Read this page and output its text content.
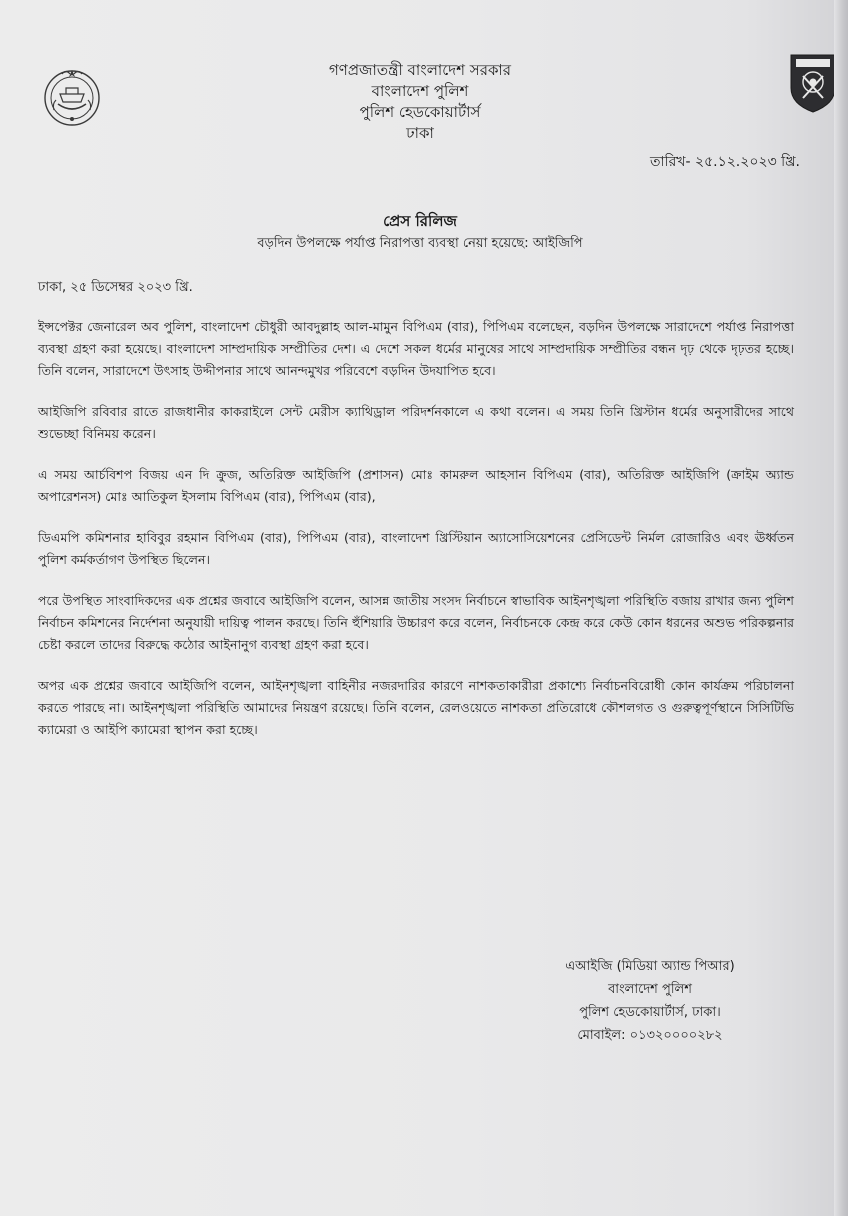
গণপ্রজাতন্ত্রী বাংলাদেশ সরকার
বাংলাদেশ পুলিশ
পুলিশ হেডকোয়ার্টার্স
ঢাকা
তারিখ- ২৫.১২.২০২৩ খ্রি.
প্রেস রিলিজ
বড়দিন উপলক্ষে পর্যাপ্ত নিরাপত্তা ব্যবস্থা নেয়া হয়েছে: আইজিপি
ঢাকা, ২৫ ডিসেম্বর ২০২৩ খ্রি.

ইন্সপেক্টর জেনারেল অব পুলিশ, বাংলাদেশ চৌধুরী আবদুল্লাহ আল-মামুন বিপিএম (বার), পিপিএম বলেছেন, বড়দিন উপলক্ষে সারাদেশে পর্যাপ্ত নিরাপত্তা ব্যবস্থা গ্রহণ করা হয়েছে। বাংলাদেশ সাম্প্রদায়িক সম্প্রীতির দেশ। এ দেশে সকল ধর্মের মানুষের সাথে সাম্প্রদায়িক সম্প্রীতির বন্ধন দৃঢ় থেকে দৃঢ়তর হচ্ছে। তিনি বলেন, সারাদেশে উৎসাহ উদ্দীপনার সাথে আনন্দমুখর পরিবেশে বড়দিন উদযাপিত হবে।

আইজিপি রবিবার রাতে রাজধানীর কাকরাইলে সেন্ট মেরীস ক্যাথিড্রাল পরিদর্শনকালে এ কথা বলেন। এ সময় তিনি খ্রিস্টান ধর্মের অনুসারীদের সাথে শুভেচ্ছা বিনিময় করেন।

এ সময় আর্চবিশপ বিজয় এন দি ক্রুজ, অতিরিক্ত আইজিপি (প্রশাসন) মোঃ কামরুল আহসান বিপিএম (বার), অতিরিক্ত আইজিপি (ক্রাইম অ্যান্ড অপারেশনস) মোঃ আতিকুল ইসলাম বিপিএম (বার), পিপিএম (বার),

ডিএমপি কমিশনার হাবিবুর রহমান বিপিএম (বার), পিপিএম (বার), বাংলাদেশ খ্রিস্টিয়ান অ্যাসোসিয়েশনের প্রেসিডেন্ট নির্মল রোজারিও এবং ঊর্ধ্বতন পুলিশ কর্মকর্তাগণ উপস্থিত ছিলেন।

পরে উপস্থিত সাংবাদিকদের এক প্রশ্নের জবাবে আইজিপি বলেন, আসন্ন জাতীয় সংসদ নির্বাচনে স্বাভাবিক আইনশৃঙ্খলা পরিস্থিতি বজায় রাখার জন্য পুলিশ নির্বাচন কমিশনের নির্দেশনা অনুযায়ী দায়িত্ব পালন করছে। তিনি হুঁশিয়ারি উচ্চারণ করে বলেন, নির্বাচনকে কেন্দ্র করে কেউ কোন ধরনের অশুভ পরিকল্পনার চেষ্টা করলে তাদের বিরুদ্ধে কঠোর আইনানুগ ব্যবস্থা গ্রহণ করা হবে।

অপর এক প্রশ্নের জবাবে আইজিপি বলেন, আইনশৃঙ্খলা বাহিনীর নজরদারির কারণে নাশকতাকারীরা প্রকাশ্যে নির্বাচনবিরোধী কোন কার্যক্রম পরিচালনা করতে পারছে না। আইনশৃঙ্খলা পরিস্থিতি আমাদের নিয়ন্ত্রণ রয়েছে। তিনি বলেন, রেলওয়েতে নাশকতা প্রতিরোধে কৌশলগত ও গুরুত্বপূর্ণস্থানে সিসিটিভি ক্যামেরা ও আইপি ক্যামেরা স্থাপন করা হচ্ছে।

এআইজি (মিডিয়া অ্যান্ড পিআর)
বাংলাদেশ পুলিশ
পুলিশ হেডকোয়ার্টার্স, ঢাকা।
মোবাইল: ০১৩২০০০০২৮২
